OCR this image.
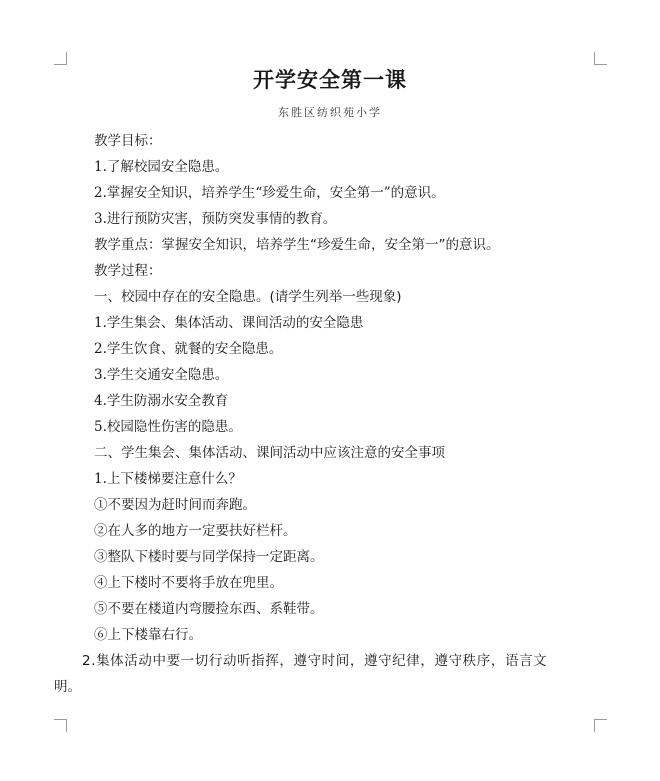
开学安全第一课
东胜区纺织苑小学
教学目标：
1.了解校园安全隐患。
2.掌握安全知识，培养学生“珍爱生命，安全第一”的意识。
3.进行预防灾害，预防突发事情的教育。
教学重点：掌握安全知识，培养学生“珍爱生命，安全第一”的意识。
教学过程：
一、校园中存在的安全隐患。(请学生列举一些现象)
1.学生集会、集体活动、课间活动的安全隐患
2.学生饮食、就餐的安全隐患。
3.学生交通安全隐患。
4.学生防溺水安全教育
5.校园隐性伤害的隐患。
二、学生集会、集体活动、课间活动中应该注意的安全事项
1.上下楼梯要注意什么？
①不要因为赶时间而奔跑。
②在人多的地方一定要扶好栏杆。
③整队下楼时要与同学保持一定距离。
④上下楼时不要将手放在兜里。
⑤不要在楼道内弯腰捡东西、系鞋带。
⑥上下楼靠右行。
2.集体活动中要一切行动听指挥，遵守时间，遵守纪律，遵守秩序，语言文
明。
